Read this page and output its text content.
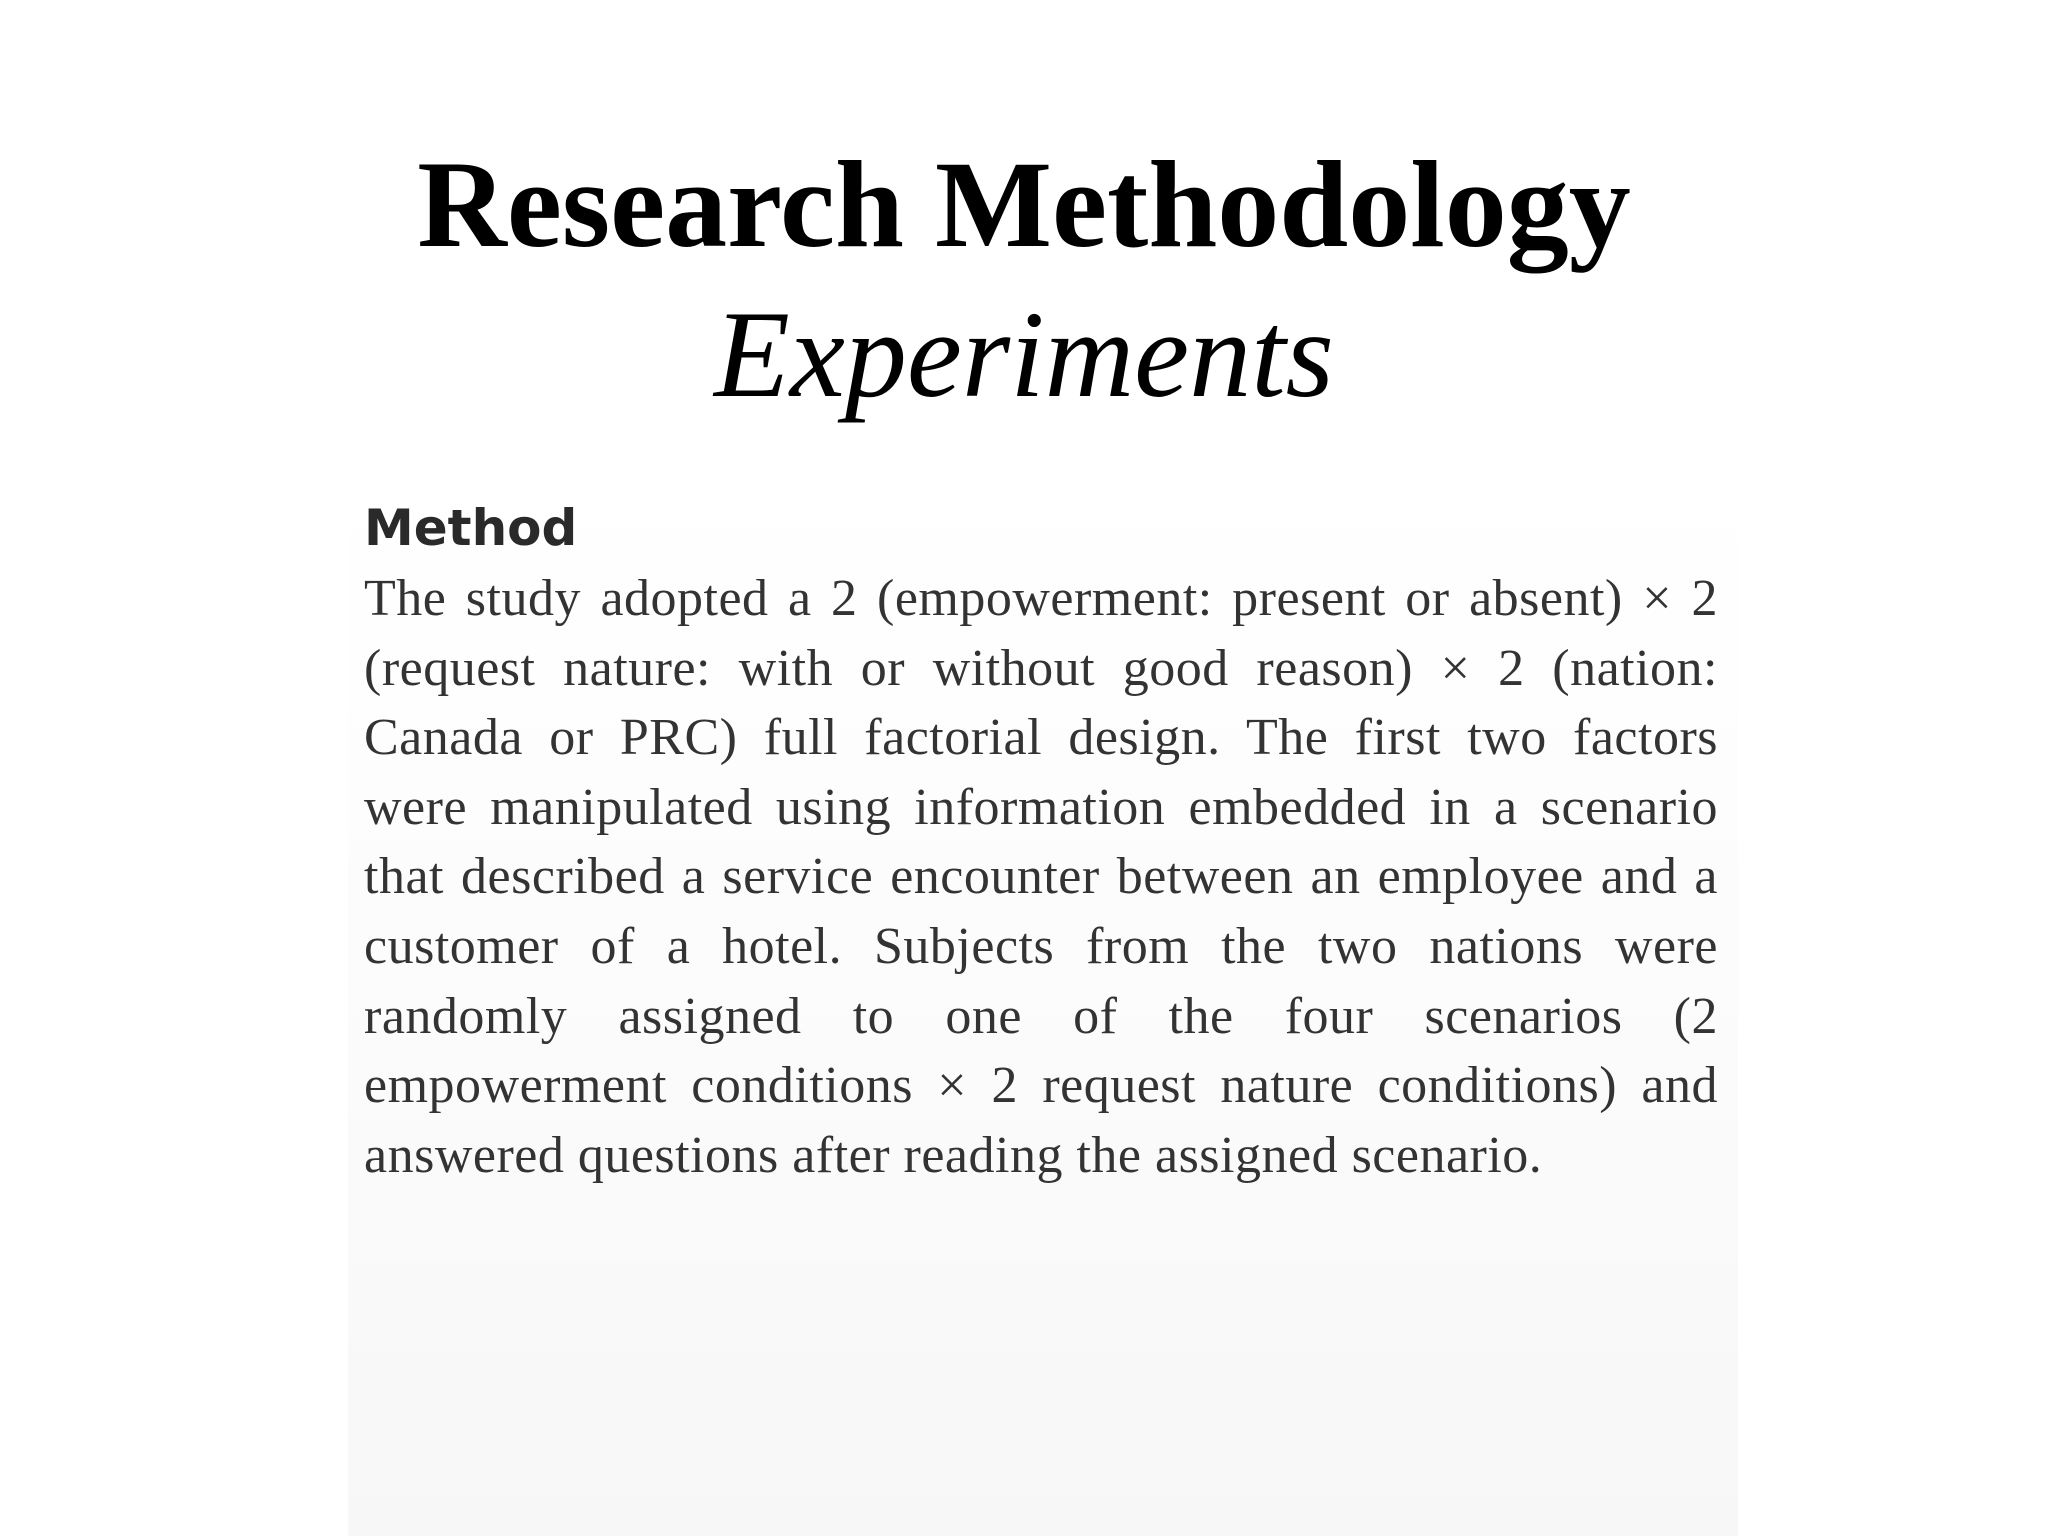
Research Methodology
Experiments
Method
The study adopted a 2 (empowerment: present or absent) × 2 (request nature: with or without good reason) × 2 (nation: Canada or PRC) full factorial design. The first two factors were manipulated using information embedded in a scenario that described a service encounter between an employee and a customer of a hotel. Subjects from the two nations were randomly assigned to one of the four scenarios (2 empowerment conditions × 2 request nature conditions) and answered questions after reading the assigned scenario.
